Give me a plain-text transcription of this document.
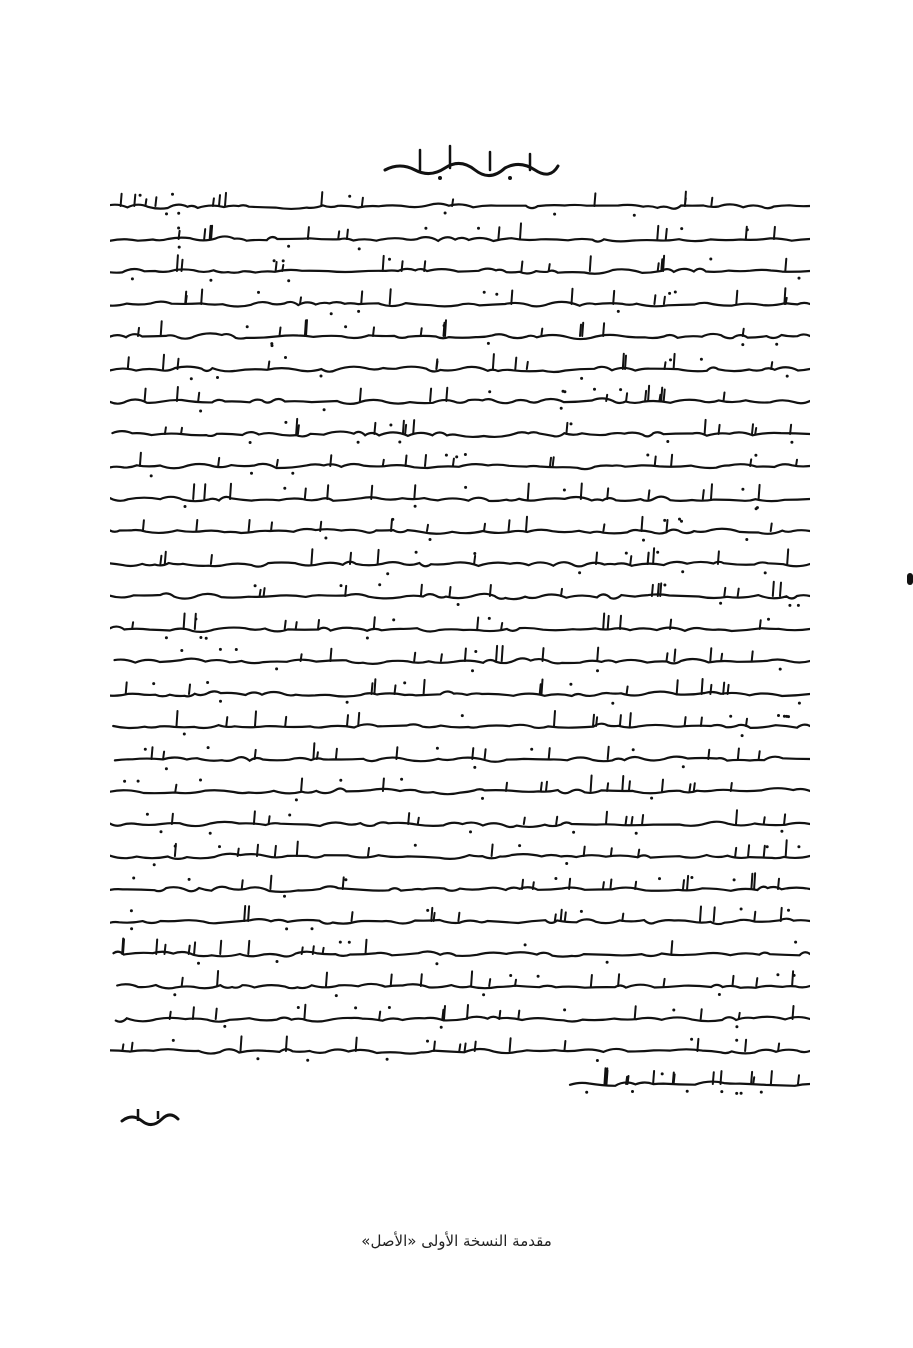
مقدمة النسخة الأولى «الأصل»
